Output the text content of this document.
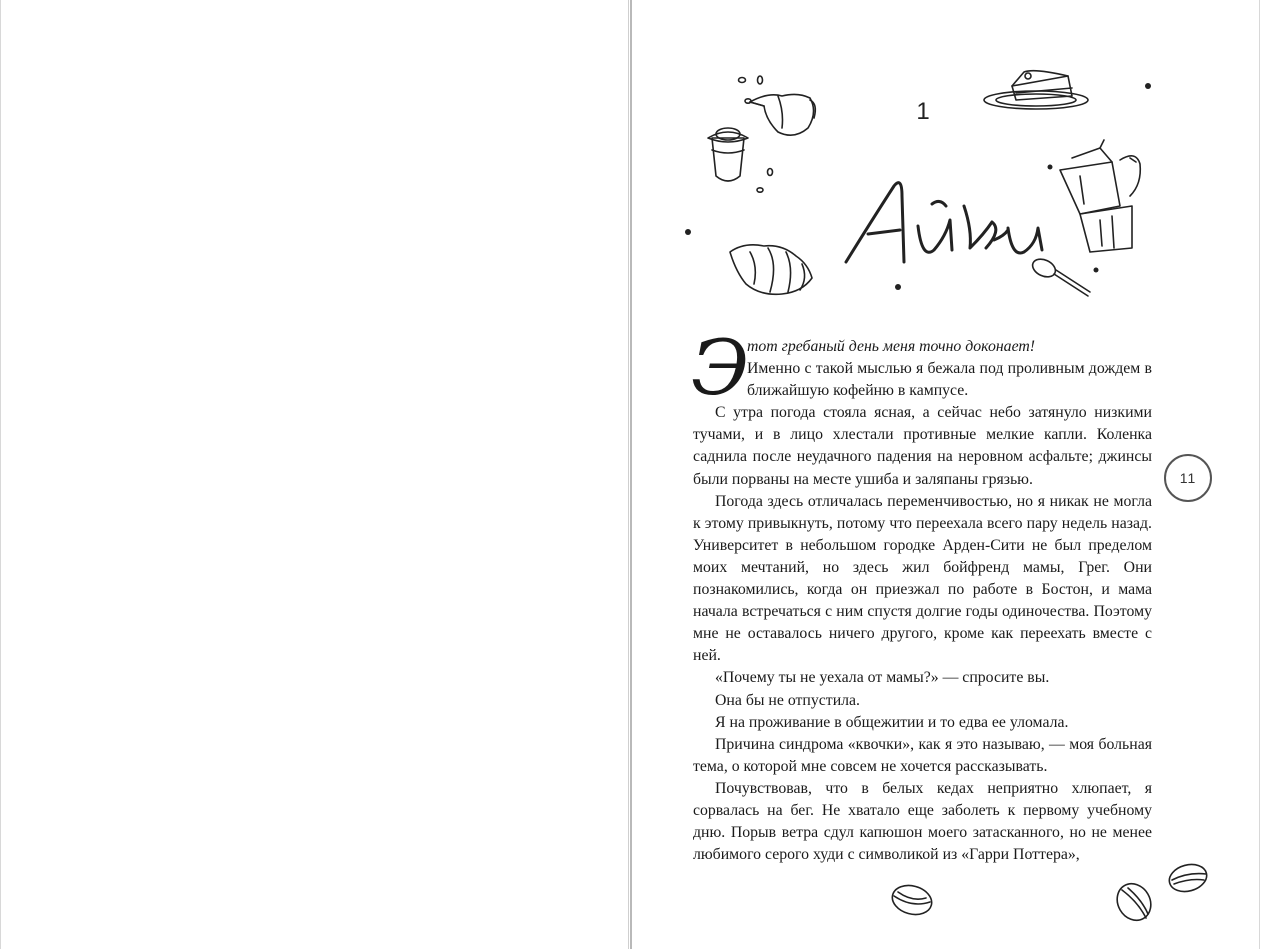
1

Э
тот гребаный день меня точно доконает!
Именно с такой мыслью я бежала под проливным дождем в ближайшую кофейню в кампусе.

С утра погода стояла ясная, а сейчас небо затянуло низкими тучами, и в лицо хлестали противные мелкие капли. Коленка саднила после неудачного падения на неровном асфальте; джинсы были порваны на месте ушиба и заляпаны грязью.

Погода здесь отличалась переменчивостью, но я никак не могла к этому привыкнуть, потому что переехала всего пару недель назад. Университет в небольшом городке Арден-Сити не был пределом моих мечтаний, но здесь жил бойфренд мамы, Грег. Они познакомились, когда он приезжал по работе в Бостон, и мама начала встречаться с ним спустя долгие годы одиночества. Поэтому мне не оставалось ничего другого, кроме как переехать вместе с ней.

«Почему ты не уехала от мамы?» — спросите вы.

Она бы не отпустила.

Я на проживание в общежитии и то едва ее уломала.

Причина синдрома «квочки», как я это называю, — моя больная тема, о которой мне совсем не хочется рассказывать.

Почувствовав, что в белых кедах неприятно хлюпает, я сорвалась на бег. Не хватало еще заболеть к первому учебному дню. Порыв ветра сдул капюшон моего затасканного, но не менее любимого серого худи с символикой из «Гарри Поттера»,

11
